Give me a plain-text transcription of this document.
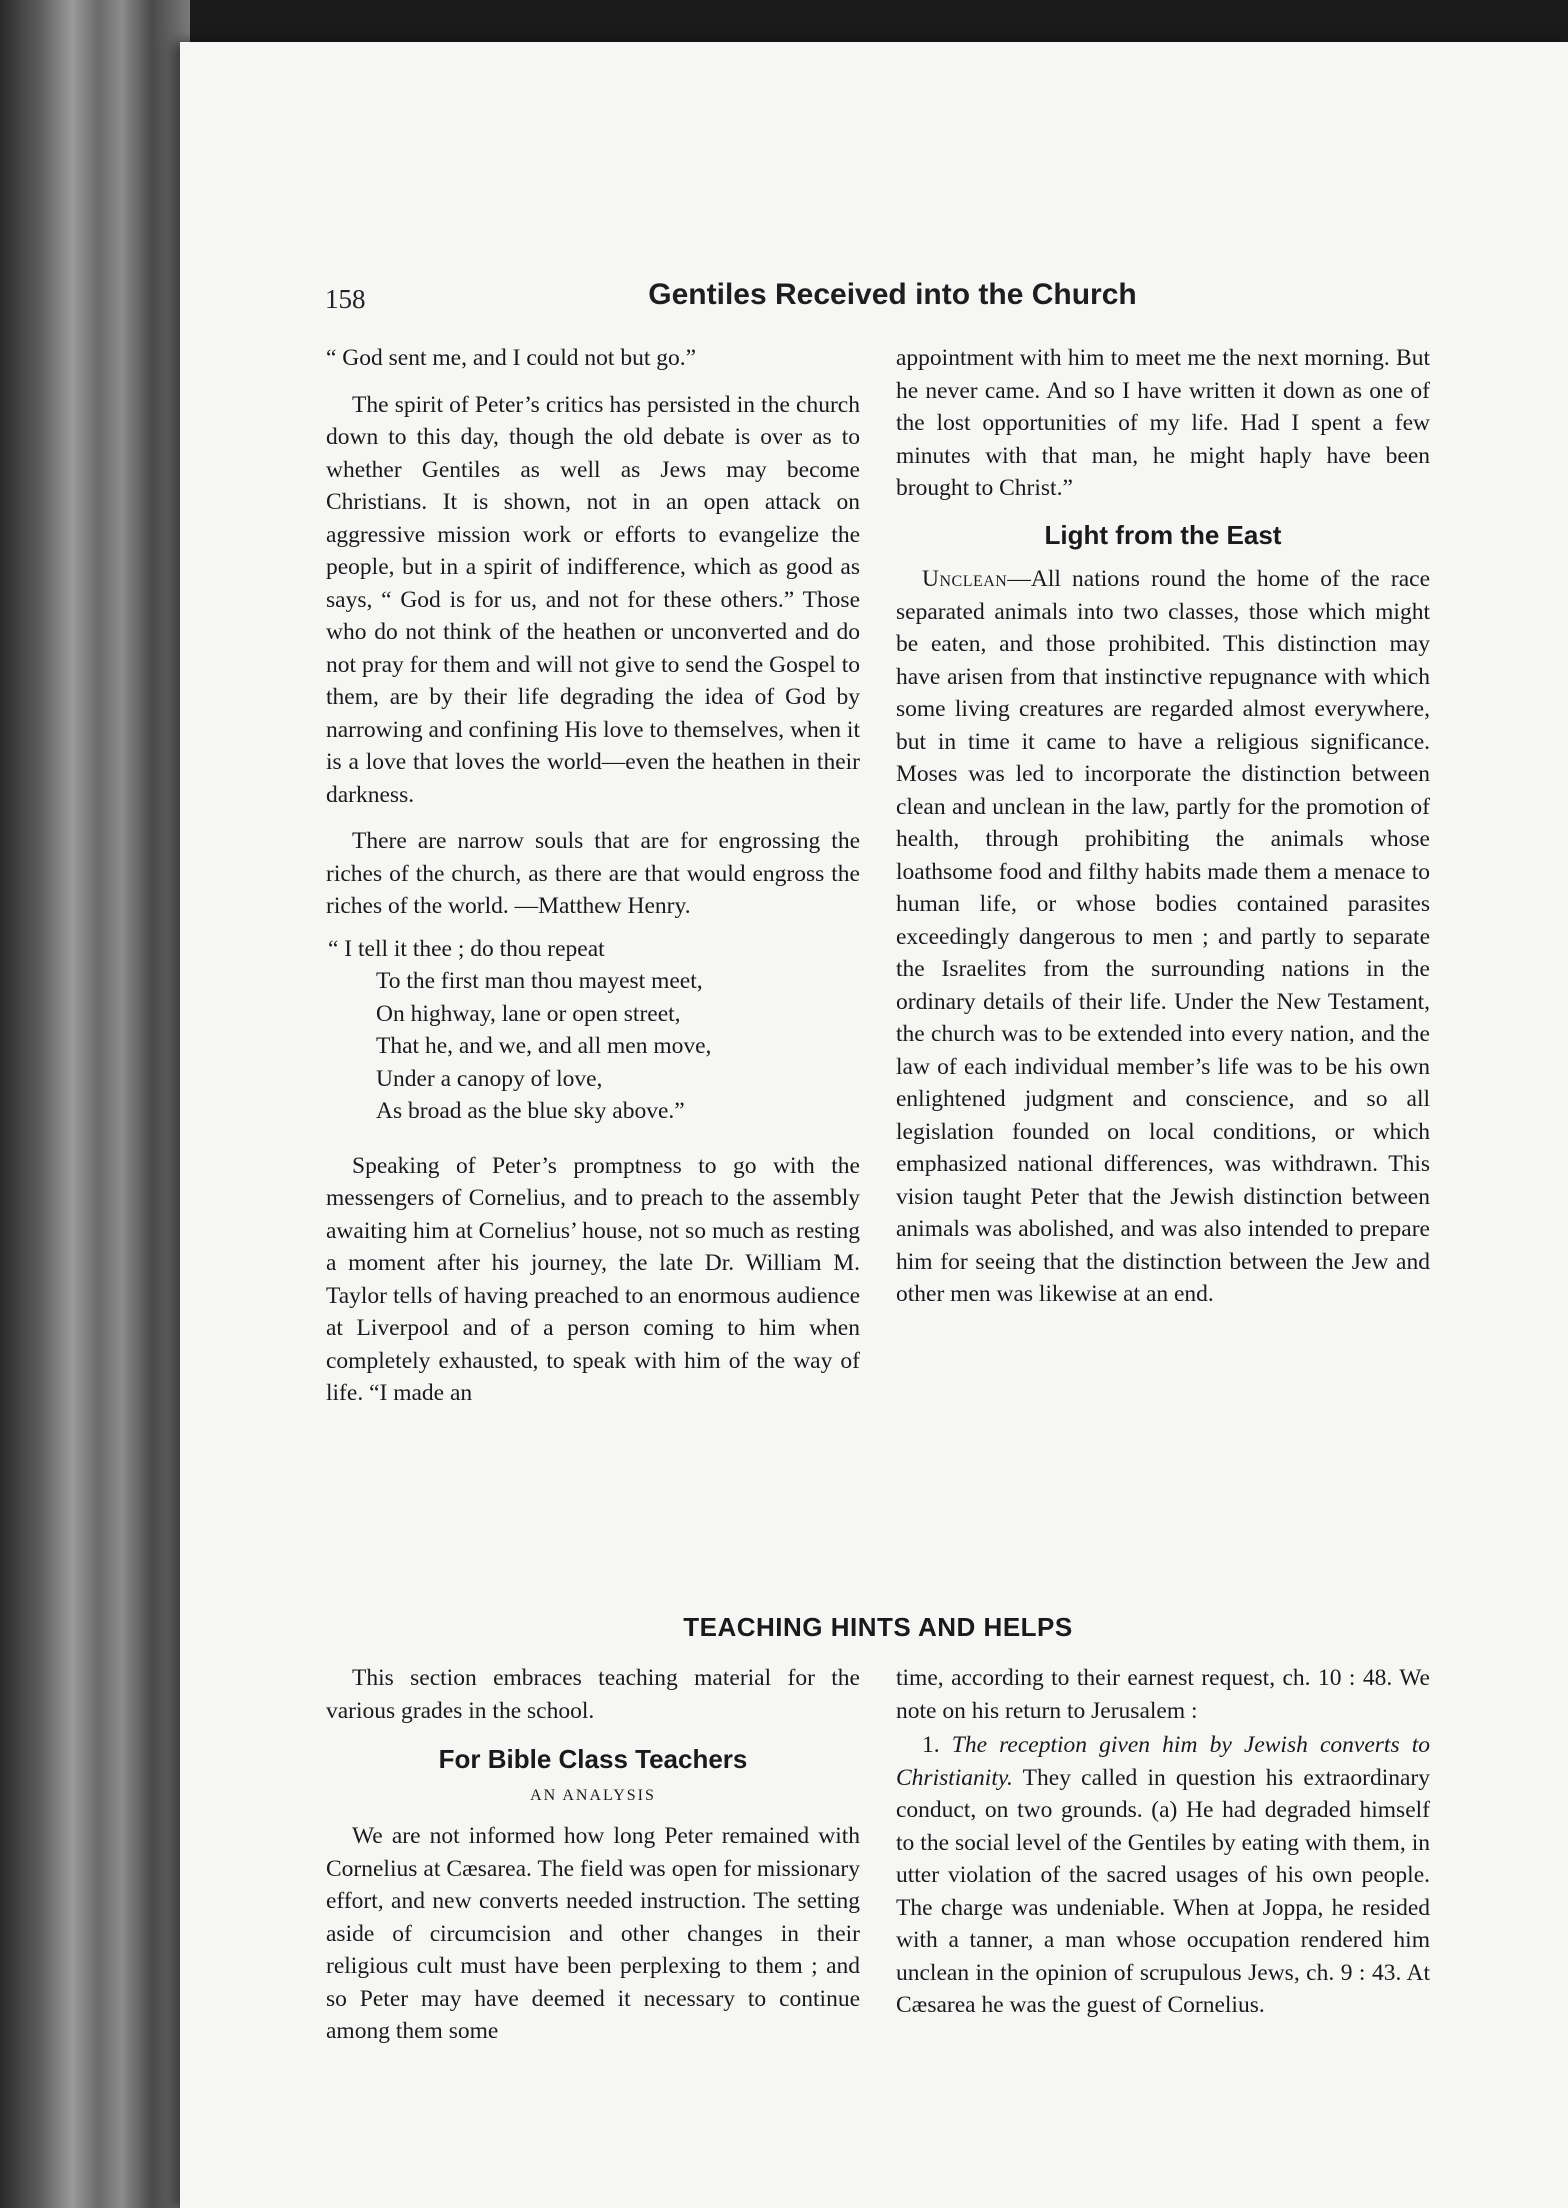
158	Gentiles Received into the Church

“ God sent me, and I could not but go.”

The spirit of Peter’s critics has persisted in the church down to this day, though the old debate is over as to whether Gentiles as well as Jews may become Christians. It is shown, not in an open attack on aggressive mission work or efforts to evangelize the people, but in a spirit of indifference, which as good as says, “ God is for us, and not for these others.” Those who do not think of the heathen or unconverted and do not pray for them and will not give to send the Gospel to them, are by their life degrading the idea of God by narrowing and confining His love to themselves, when it is a love that loves the world—even the heathen in their darkness.

There are narrow souls that are for engrossing the riches of the church, as there are that would engross the riches of the world. —Matthew Henry.

“ I tell it thee ; do thou repeat
To the first man thou mayest meet,
On highway, lane or open street,
That he, and we, and all men move,
Under a canopy of love,
As broad as the blue sky above.”

Speaking of Peter’s promptness to go with the messengers of Cornelius, and to preach to the assembly awaiting him at Cornelius’ house, not so much as resting a moment after his journey, the late Dr. William M. Taylor tells of having preached to an enormous audience at Liverpool and of a person coming to him when completely exhausted, to speak with him of the way of life. “I made an

appointment with him to meet me the next morning. But he never came. And so I have written it down as one of the lost opportunities of my life. Had I spent a few minutes with that man, he might haply have been brought to Christ.”

Light from the East

Unclean—All nations round the home of the race separated animals into two classes, those which might be eaten, and those prohibited. This distinction may have arisen from that instinctive repugnance with which some living creatures are regarded almost everywhere, but in time it came to have a religious significance. Moses was led to incorporate the distinction between clean and unclean in the law, partly for the promotion of health, through prohibiting the animals whose loathsome food and filthy habits made them a menace to human life, or whose bodies contained parasites exceedingly dangerous to men ; and partly to separate the Israelites from the surrounding nations in the ordinary details of their life. Under the New Testament, the church was to be extended into every nation, and the law of each individual member’s life was to be his own enlightened judgment and conscience, and so all legislation founded on local conditions, or which emphasized national differences, was withdrawn. This vision taught Peter that the Jewish distinction between animals was abolished, and was also intended to prepare him for seeing that the distinction between the Jew and other men was likewise at an end.

TEACHING HINTS AND HELPS

This section embraces teaching material for the various grades in the school.

For Bible Class Teachers
AN ANALYSIS

We are not informed how long Peter remained with Cornelius at Cæsarea. The field was open for missionary effort, and new converts needed instruction. The setting aside of circumcision and other changes in their religious cult must have been perplexing to them ; and so Peter may have deemed it necessary to continue among them some

time, according to their earnest request, ch. 10 : 48. We note on his return to Jerusalem :

1. The reception given him by Jewish converts to Christianity. They called in question his extraordinary conduct, on two grounds. (a) He had degraded himself to the social level of the Gentiles by eating with them, in utter violation of the sacred usages of his own people. The charge was undeniable. When at Joppa, he resided with a tanner, a man whose occupation rendered him unclean in the opinion of scrupulous Jews, ch. 9 : 43. At Cæsarea he was the guest of Cornelius.
